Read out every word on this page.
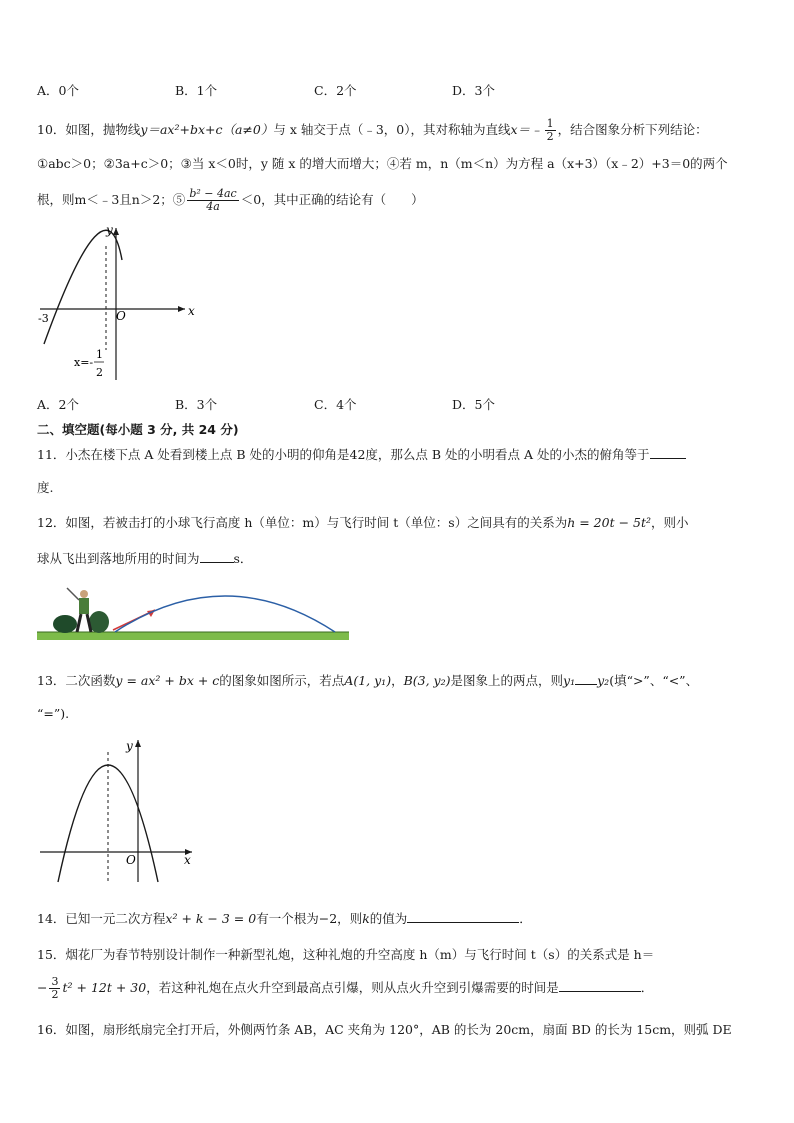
A．0个	B．1个	C．2个	D．3个
10．如图，抛物线y＝ax²+bx+c（a≠0）与 x 轴交于点（﹣3，0），其对称轴为直线x＝﹣ $\frac{1}{2}$ ，结合图象分析下列结论：
①abc＞0；②3a+c＞0；③当 x＜0时，y 随 x 的增大而增大；④若 m，n（m＜n）为方程 a（x+3）（x﹣2）+3＝0的两个
根，则m＜﹣3且n＞2；⑤ $\frac{\text{b² − 4ac}}{4a} <0$，其中正确的结论有（　　）
y
x
O
-3
x=-
1
2
A．2个	B．3个	C．4个	D．5个
二、填空题(每小题 3 分, 共 24 分)
11．小杰在楼下点 A 处看到楼上点 B 处的小明的仰角是42度，那么点 B 处的小明看点 A 处的小杰的俯角等于
度.
12．如图，若被击打的小球飞行高度 h（单位：m）与飞行时间 t（单位：s）之间具有的关系为h = 20t − 5t²，则小
球从飞出到落地所用的时间为	s．
13．二次函数y = ax² + bx + c的图象如图所示，若点A(1, y₁)，B(3, y₂)是图象上的两点，则y₁ y₂(填“>”、“<”、
“=”).
y
x
O
14．已知一元二次方程x² + k − 3 = 0有一个根为−2，则k的值为	．
15．烟花厂为春节特别设计制作一种新型礼炮，这种礼炮的升空高度 h（m）与飞行时间 t（s）的关系式是 h＝
− $\frac{3}{2} t^2 + 12t + 30$，若这种礼炮在点火升空到最高点引爆，则从点火升空到引爆需要的时间是	．
16．如图，扇形纸扇完全打开后，外侧两竹条 AB，AC 夹角为 120°，AB 的长为 20cm，扇面 BD 的长为 15cm，则弧 DE
